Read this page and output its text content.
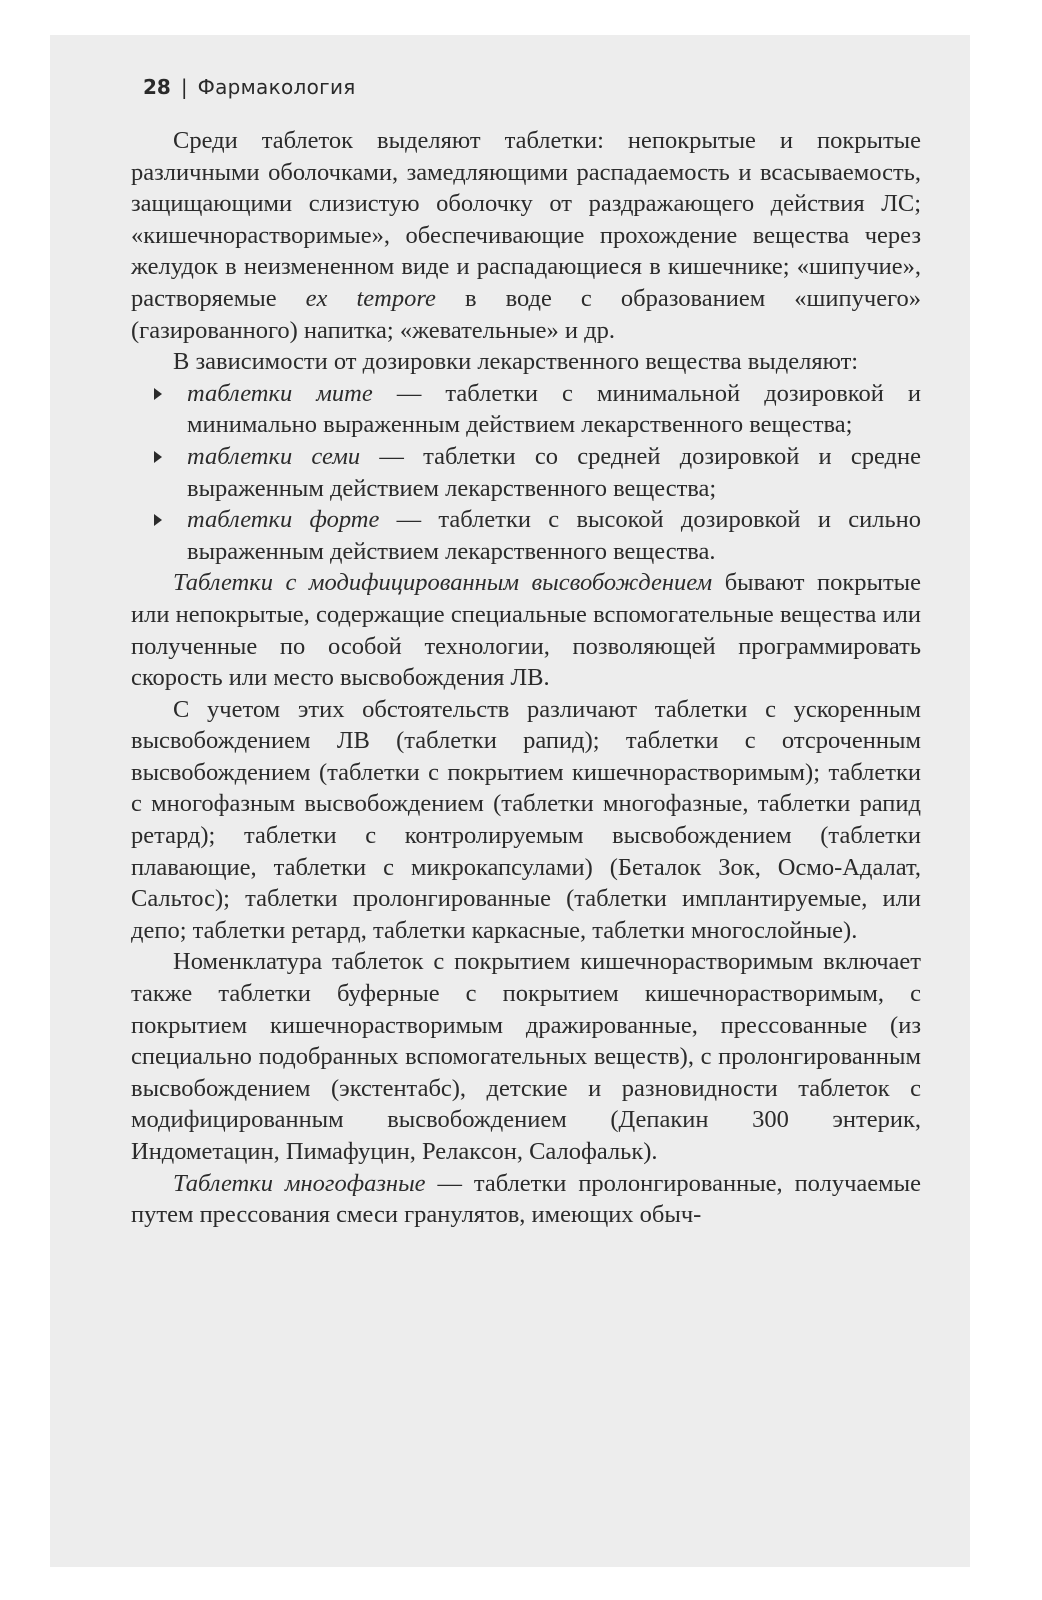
28 | Фармакология

Среди таблеток выделяют таблетки: непокрытые и покрытые различными оболочками, замедляющими распадаемость и всасываемость, защищающими слизистую оболочку от раздражающего действия ЛС; «кишечнорастворимые», обеспечивающие прохождение вещества через желудок в неизмененном виде и распадающиеся в кишечнике; «шипучие», растворяемые ex tempore в воде с образованием «шипучего» (газированного) напитка; «жевательные» и др.

В зависимости от дозировки лекарственного вещества выделяют:

таблетки мите — таблетки с минимальной дозировкой и минимально выраженным действием лекарственного вещества;
таблетки семи — таблетки со средней дозировкой и средне выраженным действием лекарственного вещества;
таблетки форте — таблетки с высокой дозировкой и сильно выраженным действием лекарственного вещества.

Таблетки с модифицированным высвобождением бывают покрытые или непокрытые, содержащие специальные вспомогательные вещества или полученные по особой технологии, позволяющей программировать скорость или место высвобождения ЛВ.

С учетом этих обстоятельств различают таблетки с ускоренным высвобождением ЛВ (таблетки рапид); таблетки с отсроченным высвобождением (таблетки с покрытием кишечнорастворимым); таблетки с многофазным высвобождением (таблетки многофазные, таблетки рапид ретард); таблетки с контролируемым высвобождением (таблетки плавающие, таблетки с микрокапсулами) (Беталок Зок, Осмо-Адалат, Сальтос); таблетки пролонгированные (таблетки имплантируемые, или депо; таблетки ретард, таблетки каркасные, таблетки многослойные).

Номенклатура таблеток с покрытием кишечнорастворимым включает также таблетки буферные с покрытием кишечнорастворимым, с покрытием кишечнорастворимым дражированные, прессованные (из специально подобранных вспомогательных веществ), с пролонгированным высвобождением (экстентабс), детские и разновидности таблеток с модифицированным высвобождением (Депакин 300 энтерик, Индометацин, Пимафуцин, Релаксон, Салофальк).

Таблетки многофазные — таблетки пролонгированные, получаемые путем прессования смеси гранулятов, имеющих обыч-
